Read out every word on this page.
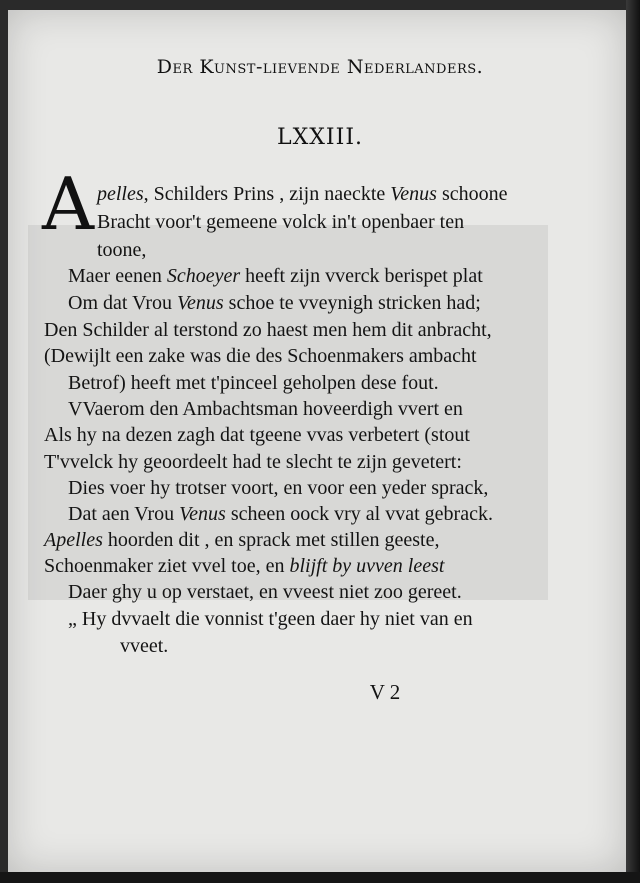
Der Kunst-lievende Nederlanders.
LXXIII.
A pelles, Schilders Prins , zijn naeckte Venus schoone
Bracht voor't gemeene volck in't openbaer ten
toone,
Maer eenen Schoeyer heeft zijn vverck berispet plat
Om dat Vrou Venus schoe te vveynigh stricken had;
Den Schilder al terstond zo haest men hem dit anbracht,
(Dewijlt een zake was die des Schoenmakers ambacht
Betrof) heeft met t'pinceel geholpen dese fout.
VVaerom den Ambachtsman hoveerdigh vvert en
Als hy na dezen zagh dat tgeene vvas verbetert (stout
T'vvelck hy geoordeelt had te slecht te zijn gevetert:
Dies voer hy trotser voort, en voor een yeder sprack,
Dat aen Vrou Venus scheen oock vry al vvat gebrack.
Apelles hoorden dit , en sprack met stillen geeste,
Schoenmaker ziet vvel toe, en blijft by uvven leest
Daer ghy u op verstaet, en vveest niet zoo gereet.
„ Hy dvvaelt die vonnist t'geen daer hy niet van en
vveet.
V 2
